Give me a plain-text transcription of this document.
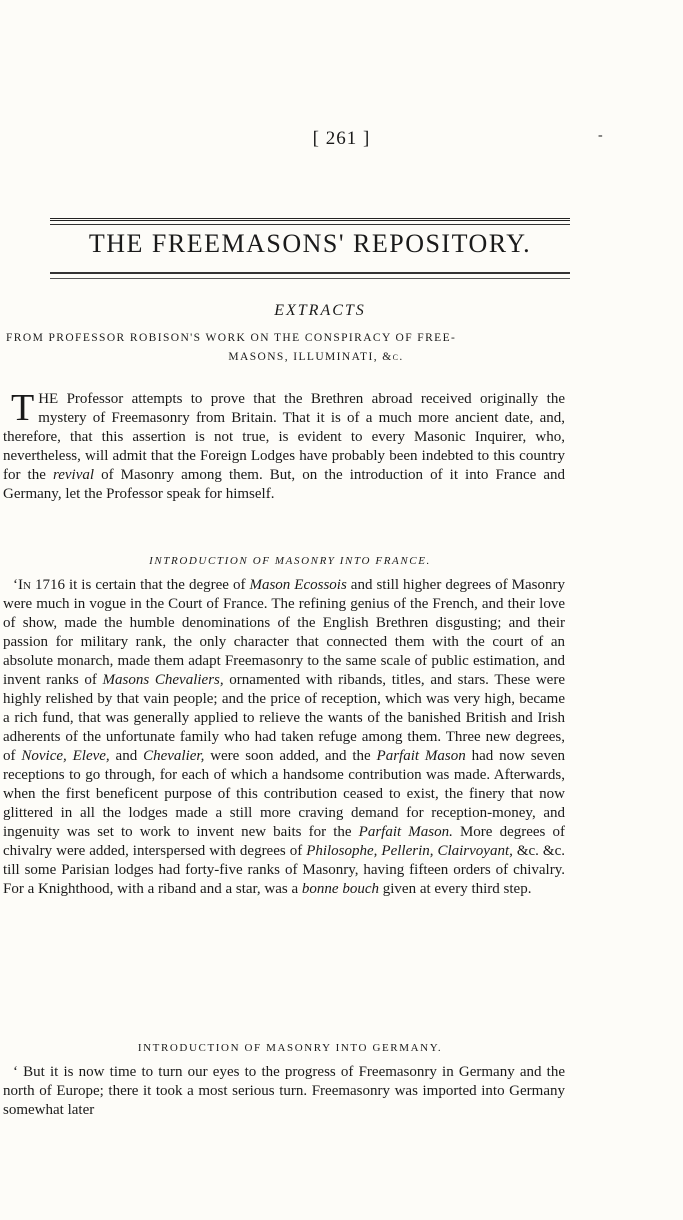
[ 261 ]	-
THE FREEMASONS' REPOSITORY.
EXTRACTS
FROM PROFESSOR ROBISON'S WORK ON THE CONSPIRACY OF FREE-
MASONS, ILLUMINATI, &c.
THE Professor attempts to prove that the Brethren abroad received originally the mystery of Freemasonry from Britain. That it is of a much more ancient date, and, therefore, that this assertion is not true, is evident to every Masonic Inquirer, who, nevertheless, will admit that the Foreign Lodges have probably been indebted to this country for the revival of Masonry among them. But, on the introduction of it into France and Germany, let the Professor speak for himself.
INTRODUCTION OF MASONRY INTO FRANCE.
‘In 1716 it is certain that the degree of Mason Ecossois and still higher degrees of Masonry were much in vogue in the Court of France. The refining genius of the French, and their love of show, made the humble denominations of the English Brethren disgusting; and their passion for military rank, the only character that connected them with the court of an absolute monarch, made them adapt Freemasonry to the same scale of public estimation, and invent ranks of Masons Chevaliers, ornamented with ribands, titles, and stars. These were highly relished by that vain people; and the price of reception, which was very high, became a rich fund, that was generally applied to relieve the wants of the banished British and Irish adherents of the unfortunate family who had taken refuge among them. Three new degrees, of Novice, Eleve, and Chevalier, were soon added, and the Parfait Mason had now seven receptions to go through, for each of which a handsome contribution was made. Afterwards, when the first beneficent purpose of this contribution ceased to exist, the finery that now glittered in all the lodges made a still more craving demand for reception-money, and ingenuity was set to work to invent new baits for the Parfait Mason. More degrees of chivalry were added, interspersed with degrees of Philosophe, Pellerin, Clairvoyant, &c. &c. till some Parisian lodges had forty-five ranks of Masonry, having fifteen orders of chivalry. For a Knighthood, with a riband and a star, was a bonne bouch given at every third step.
INTRODUCTION OF MASONRY INTO GERMANY.
‘ But it is now time to turn our eyes to the progress of Freemasonry in Germany and the north of Europe; there it took a most serious turn. Freemasonry was imported into Germany somewhat later
